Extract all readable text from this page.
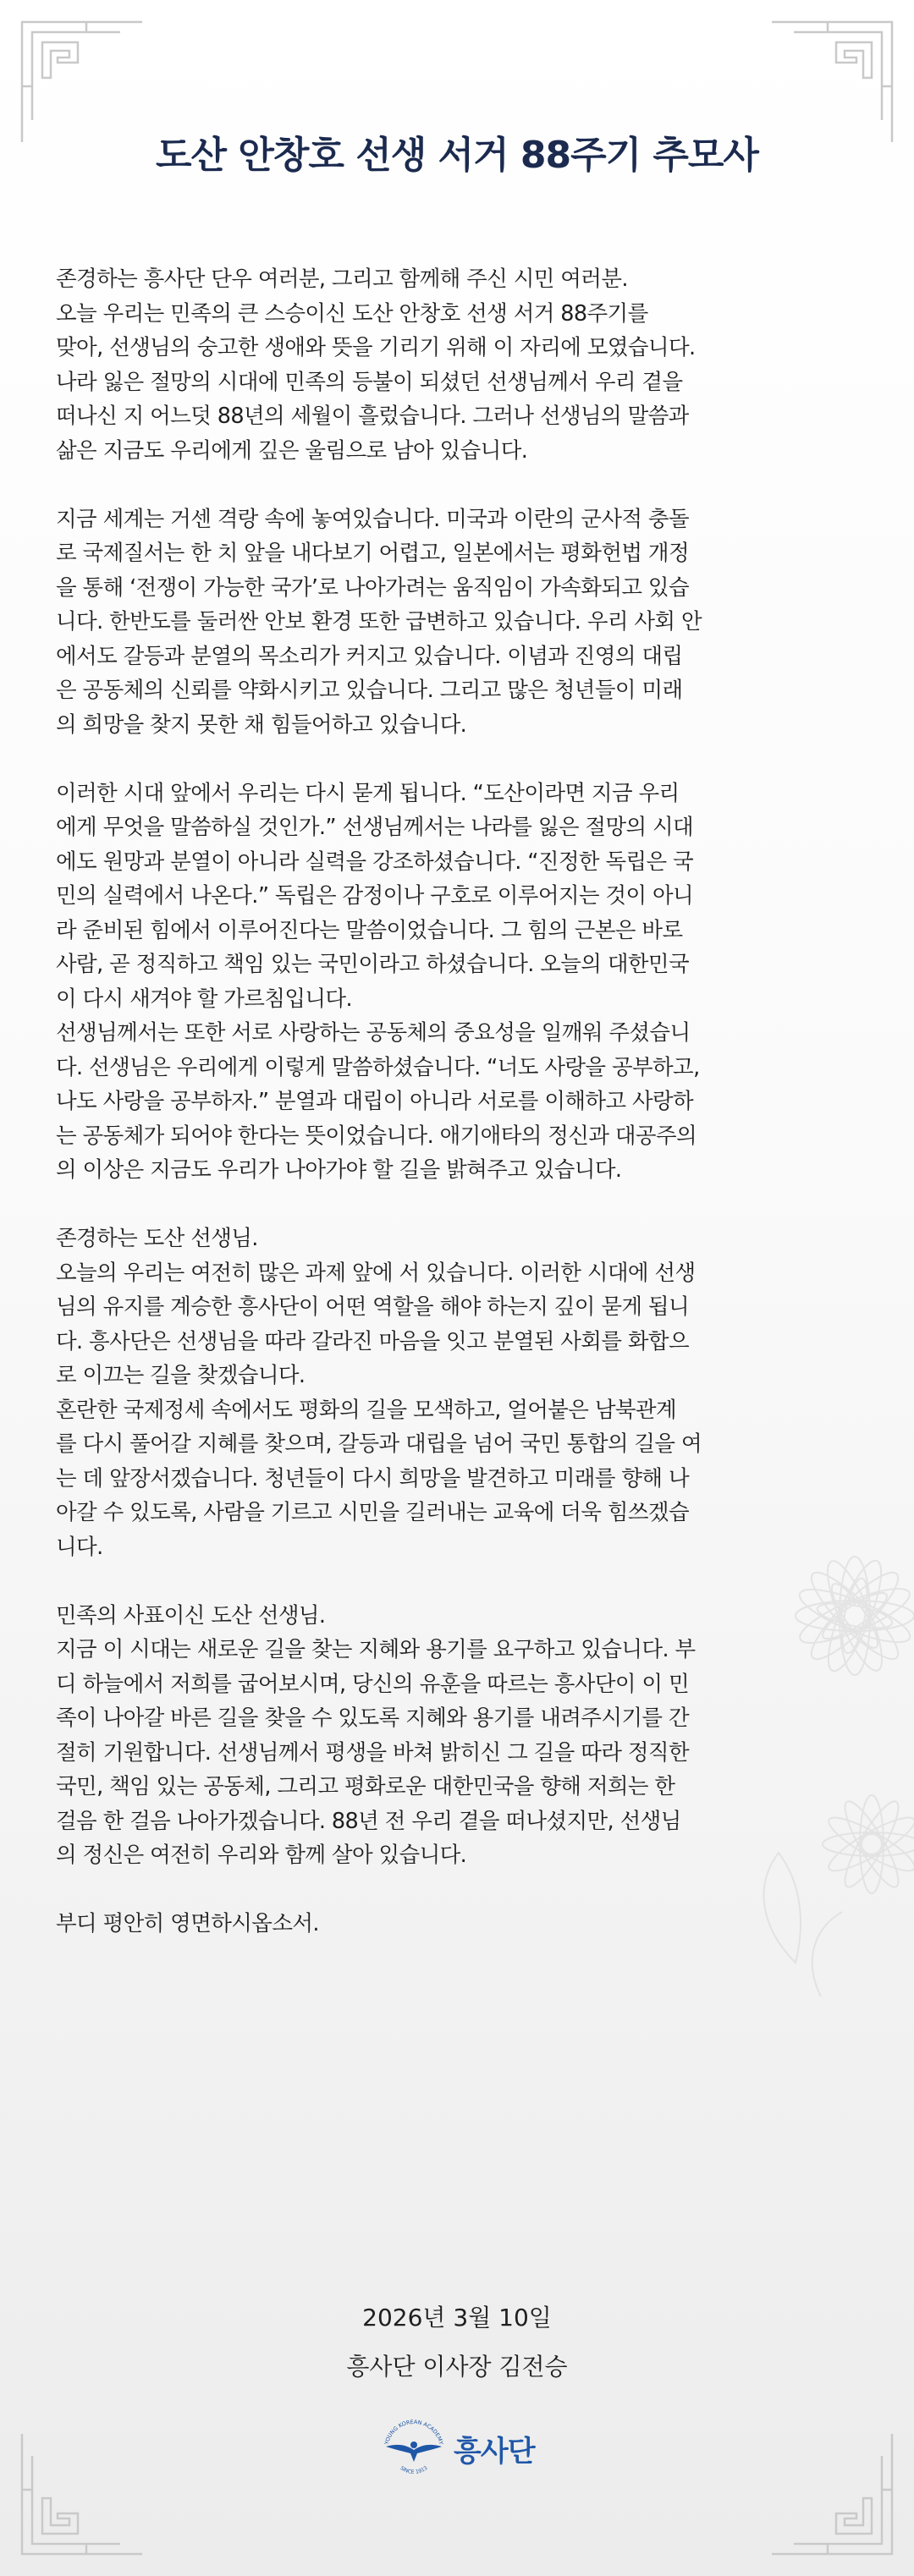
도산 안창호 선생 서거 88주기 추모사

존경하는 흥사단 단우 여러분, 그리고 함께해 주신 시민 여러분.
오늘 우리는 민족의 큰 스승이신 도산 안창호 선생 서거 88주기를
맞아, 선생님의 숭고한 생애와 뜻을 기리기 위해 이 자리에 모였습니다.
나라 잃은 절망의 시대에 민족의 등불이 되셨던 선생님께서 우리 곁을
떠나신 지 어느덧 88년의 세월이 흘렀습니다. 그러나 선생님의 말씀과
삶은 지금도 우리에게 깊은 울림으로 남아 있습니다.

지금 세계는 거센 격랑 속에 놓여있습니다. 미국과 이란의 군사적 충돌
로 국제질서는 한 치 앞을 내다보기 어렵고, 일본에서는 평화헌법 개정
을 통해 ‘전쟁이 가능한 국가’로 나아가려는 움직임이 가속화되고 있습
니다. 한반도를 둘러싼 안보 환경 또한 급변하고 있습니다. 우리 사회 안
에서도 갈등과 분열의 목소리가 커지고 있습니다. 이념과 진영의 대립
은 공동체의 신뢰를 약화시키고 있습니다. 그리고 많은 청년들이 미래
의 희망을 찾지 못한 채 힘들어하고 있습니다.

이러한 시대 앞에서 우리는 다시 묻게 됩니다. “도산이라면 지금 우리
에게 무엇을 말씀하실 것인가.” 선생님께서는 나라를 잃은 절망의 시대
에도 원망과 분열이 아니라 실력을 강조하셨습니다. “진정한 독립은 국
민의 실력에서 나온다.” 독립은 감정이나 구호로 이루어지는 것이 아니
라 준비된 힘에서 이루어진다는 말씀이었습니다. 그 힘의 근본은 바로
사람, 곧 정직하고 책임 있는 국민이라고 하셨습니다. 오늘의 대한민국
이 다시 새겨야 할 가르침입니다.
선생님께서는 또한 서로 사랑하는 공동체의 중요성을 일깨워 주셨습니
다. 선생님은 우리에게 이렇게 말씀하셨습니다. “너도 사랑을 공부하고,
나도 사랑을 공부하자.” 분열과 대립이 아니라 서로를 이해하고 사랑하
는 공동체가 되어야 한다는 뜻이었습니다. 애기애타의 정신과 대공주의
의 이상은 지금도 우리가 나아가야 할 길을 밝혀주고 있습니다.

존경하는 도산 선생님.
오늘의 우리는 여전히 많은 과제 앞에 서 있습니다. 이러한 시대에 선생
님의 유지를 계승한 흥사단이 어떤 역할을 해야 하는지 깊이 묻게 됩니
다. 흥사단은 선생님을 따라 갈라진 마음을 잇고 분열된 사회를 화합으
로 이끄는 길을 찾겠습니다.
혼란한 국제정세 속에서도 평화의 길을 모색하고, 얼어붙은 남북관계
를 다시 풀어갈 지혜를 찾으며, 갈등과 대립을 넘어 국민 통합의 길을 여
는 데 앞장서겠습니다. 청년들이 다시 희망을 발견하고 미래를 향해 나
아갈 수 있도록, 사람을 기르고 시민을 길러내는 교육에 더욱 힘쓰겠습
니다.

민족의 사표이신 도산 선생님.
지금 이 시대는 새로운 길을 찾는 지혜와 용기를 요구하고 있습니다. 부
디 하늘에서 저희를 굽어보시며, 당신의 유훈을 따르는 흥사단이 이 민
족이 나아갈 바른 길을 찾을 수 있도록 지혜와 용기를 내려주시기를 간
절히 기원합니다. 선생님께서 평생을 바쳐 밝히신 그 길을 따라 정직한
국민, 책임 있는 공동체, 그리고 평화로운 대한민국을 향해 저희는 한
걸음 한 걸음 나아가겠습니다. 88년 전 우리 곁을 떠나셨지만, 선생님
의 정신은 여전히 우리와 함께 살아 있습니다.

부디 평안히 영면하시옵소서.

2026년 3월 10일
흥사단 이사장 김전승
YOUNG KOREAN ACADEMY
SINCE 1913
흥사단
